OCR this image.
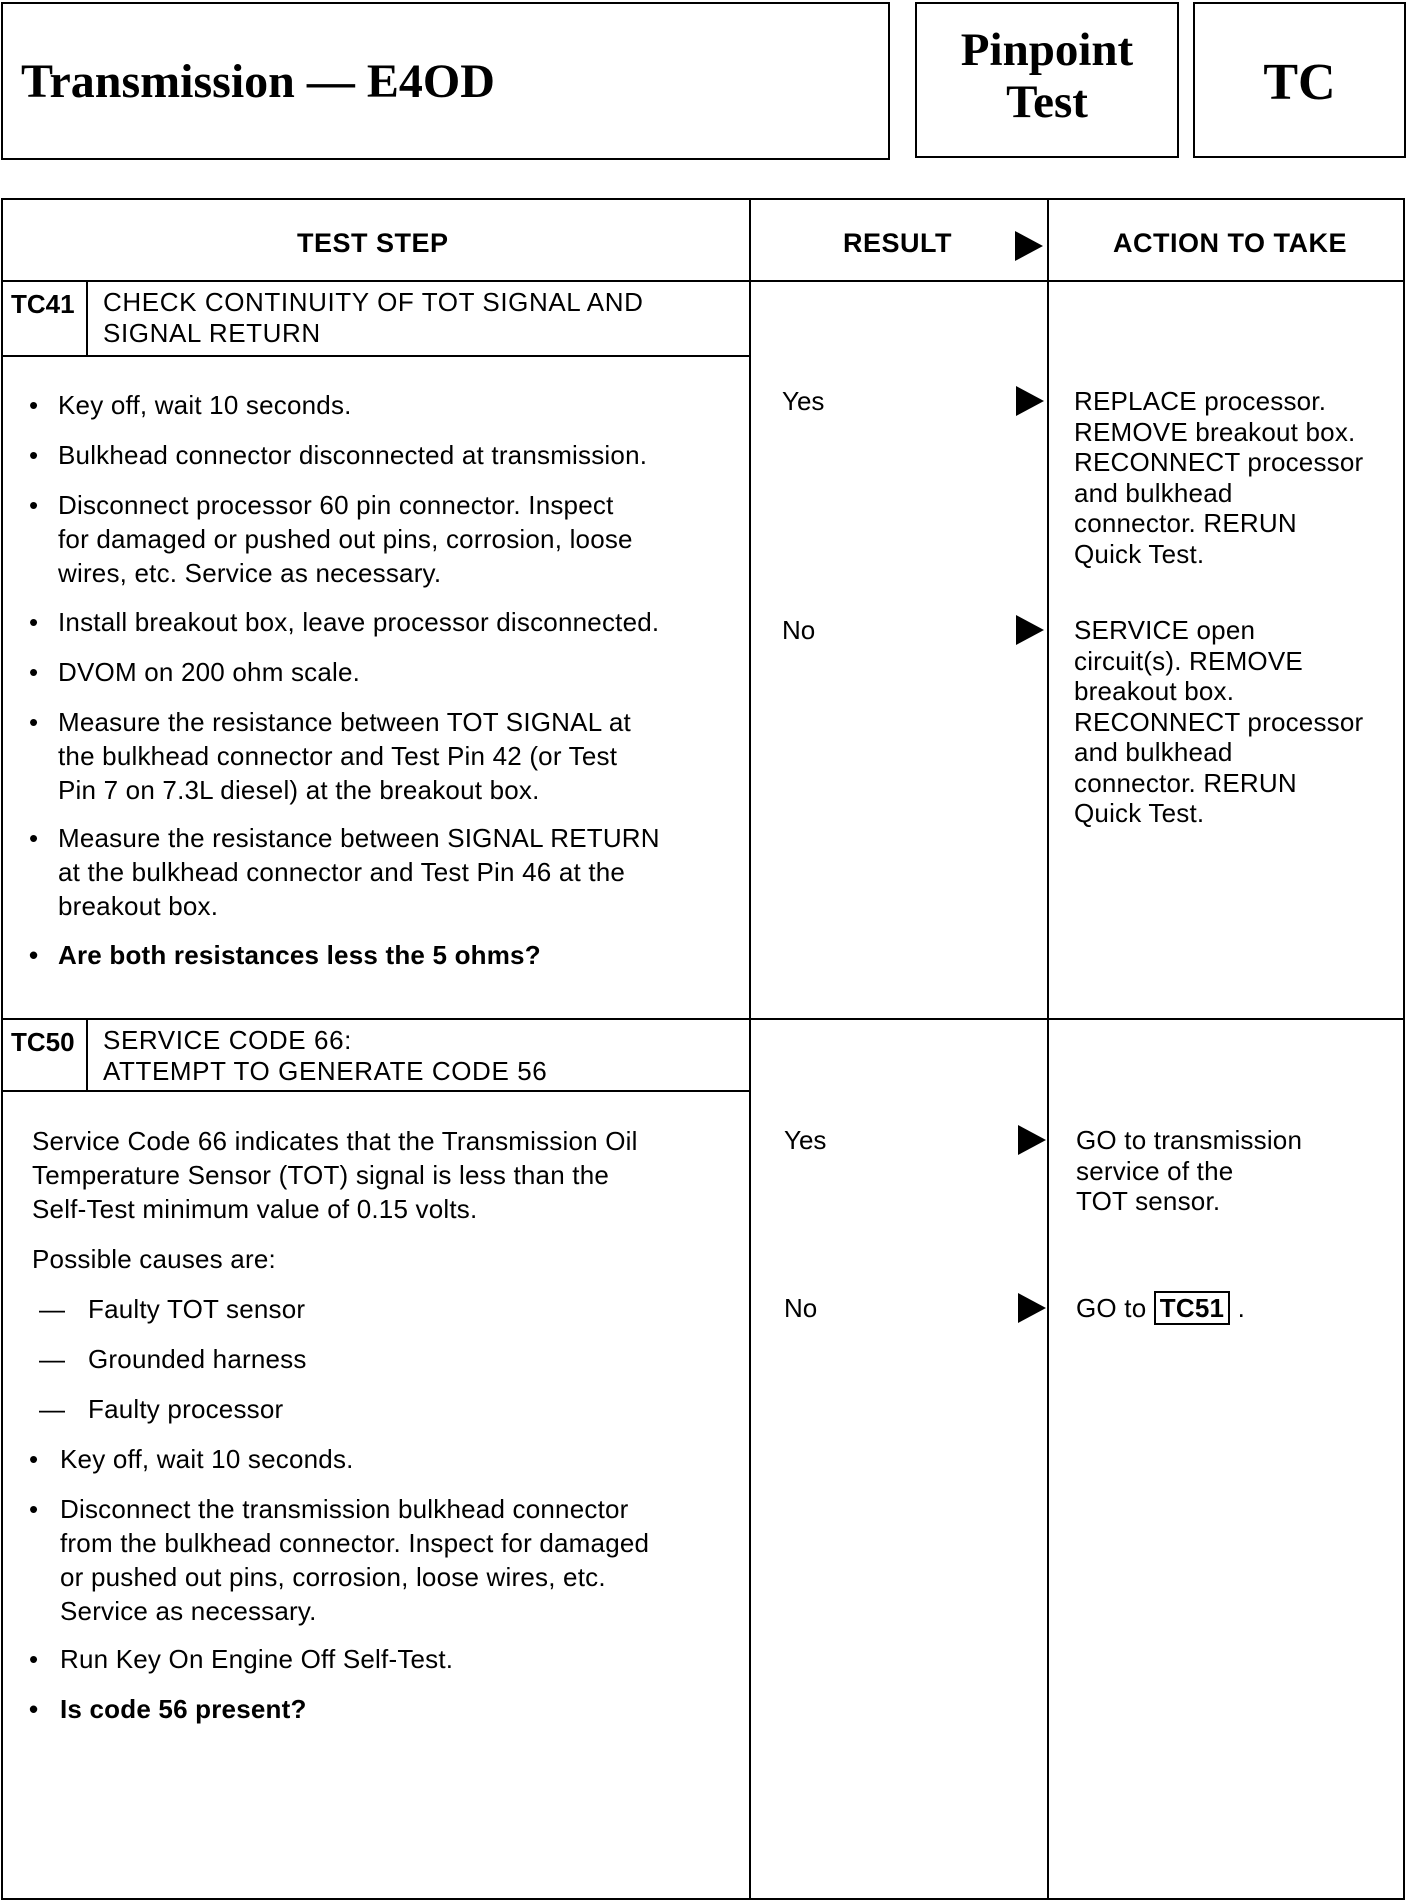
Transmission — E4OD
Pinpoint
Test	TC
TEST STEP	RESULT	ACTION TO TAKE
TC41	CHECK CONTINUITY OF TOT SIGNAL AND
SIGNAL RETURN
• Key off, wait 10 seconds.
• Bulkhead connector disconnected at transmission.
• Disconnect processor 60 pin connector. Inspect
for damaged or pushed out pins, corrosion, loose
wires, etc. Service as necessary.
• Install breakout box, leave processor disconnected.
• DVOM on 200 ohm scale.
• Measure the resistance between TOT SIGNAL at
the bulkhead connector and Test Pin 42 (or Test
Pin 7 on 7.3L diesel) at the breakout box.
• Measure the resistance between SIGNAL RETURN
at the bulkhead connector and Test Pin 46 at the
breakout box.
• Are both resistances less the 5 ohms?
Yes	REPLACE processor.
REMOVE breakout box.
RECONNECT processor
and bulkhead
connector. RERUN
Quick Test.
No	SERVICE open
circuit(s). REMOVE
breakout box.
RECONNECT processor
and bulkhead
connector. RERUN
Quick Test.
TC50	SERVICE CODE 66:
ATTEMPT TO GENERATE CODE 56
Service Code 66 indicates that the Transmission Oil
Temperature Sensor (TOT) signal is less than the
Self-Test minimum value of 0.15 volts.
Possible causes are:
— Faulty TOT sensor
— Grounded harness
— Faulty processor
• Key off, wait 10 seconds.
• Disconnect the transmission bulkhead connector
from the bulkhead connector. Inspect for damaged
or pushed out pins, corrosion, loose wires, etc.
Service as necessary.
• Run Key On Engine Off Self-Test.
• Is code 56 present?
Yes	GO to transmission
service of the
TOT sensor.
No	GO to TC51 .
